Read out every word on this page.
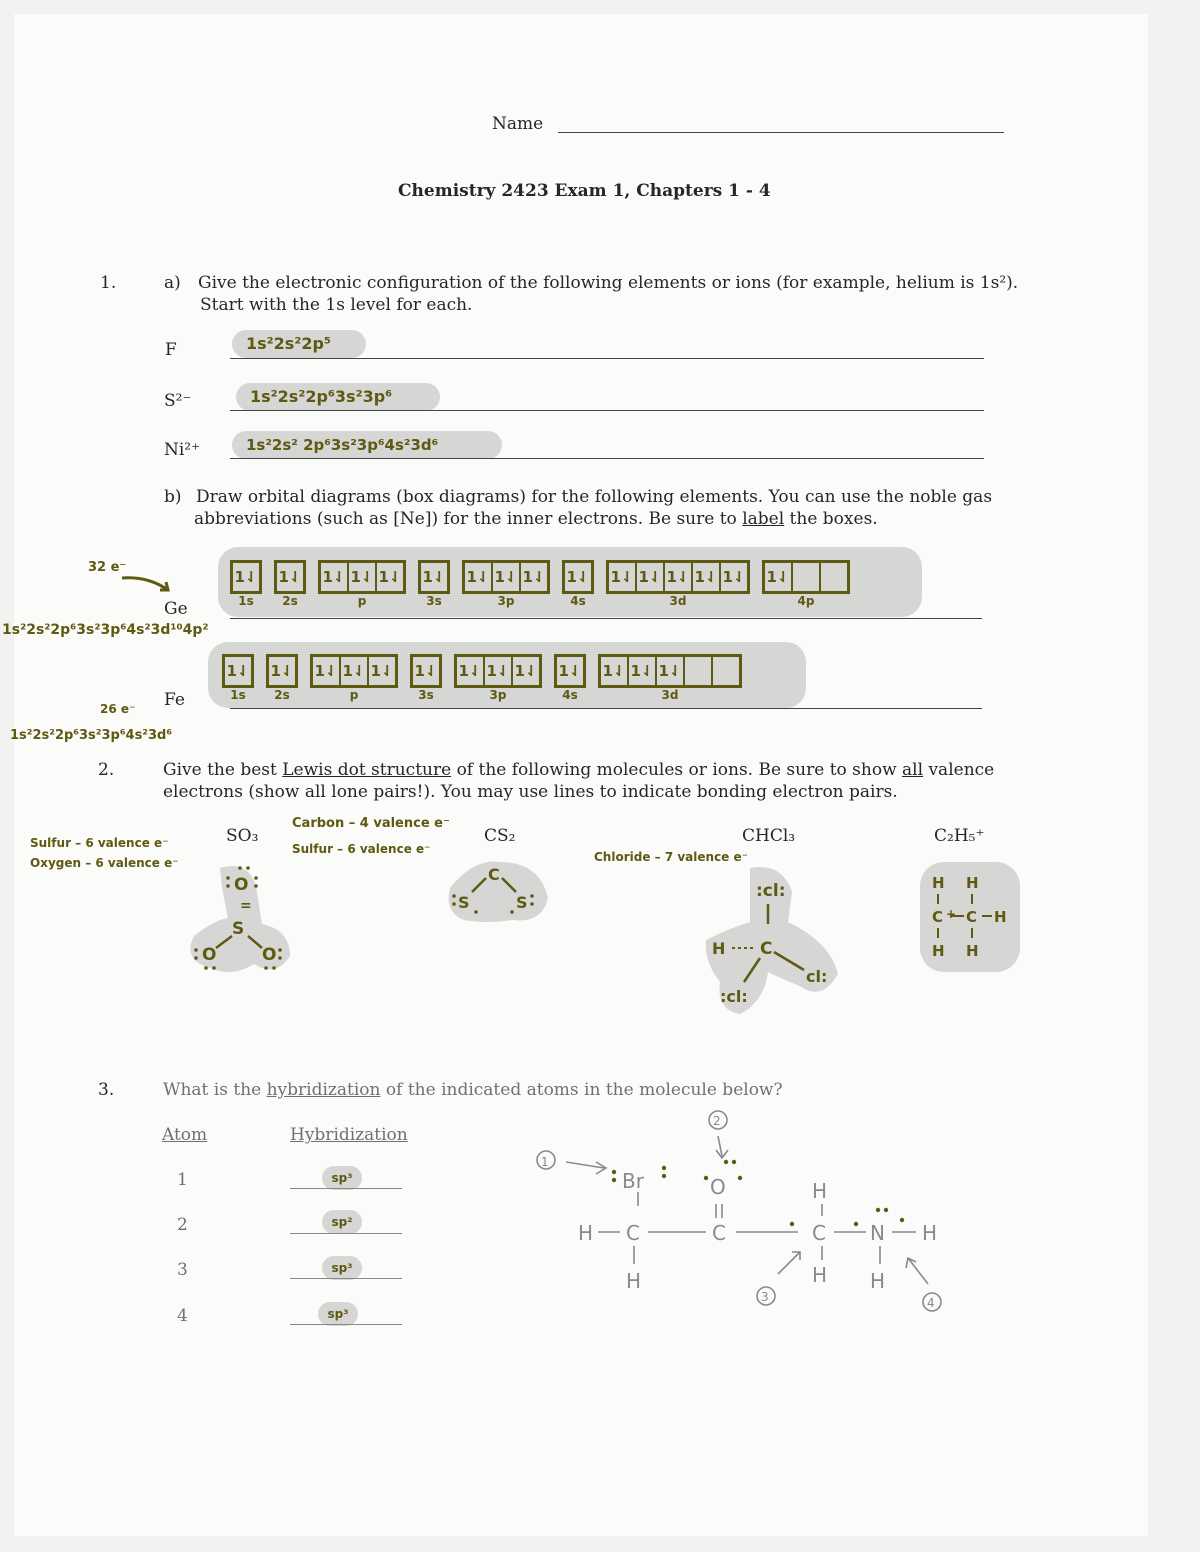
Name
Chemistry 2423 Exam 1, Chapters 1 - 4
1.	a) Give the electronic configuration of the following elements or ions (for example, helium is 1s²).
Start with the 1s level for each.
F	1s²2s²2p⁵
S²⁻	1s²2s²2p⁶3s²3p⁶
Ni²⁺	1s²2s² 2p⁶3s²3p⁶4s²3d⁶
b) Draw orbital diagrams (box diagrams) for the following elements. You can use the noble gas
abbreviations (such as [Ne]) for the inner electrons. Be sure to label the boxes.
1⇃
1s
1⇃
2s
1⇃ 1⇃ 1⇃
p
1⇃
3s
1⇃ 1⇃ 1⇃
3p
1⇃
4s
1⇃ 1⇃ 1⇃ 1⇃ 1⇃
3d
1⇃
4p
Ge
32 e⁻
1s²2s²2p⁶3s²3p⁶4s²3d¹⁰4p²
1⇃
1s
1⇃
2s
1⇃ 1⇃ 1⇃
p
1⇃
3s
1⇃ 1⇃ 1⇃
3p
1⇃
4s
1⇃ 1⇃ 1⇃
3d
Fe
26 e⁻
1s²2s²2p⁶3s²3p⁶4s²3d⁶
2.	Give the best Lewis dot structure of the following molecules or ions. Be sure to show all valence
electrons (show all lone pairs!). You may use lines to indicate bonding electron pairs.
SO₃	CS₂	CHCl₃	C₂H₅⁺
Sulfur – 6 valence e⁻
Oxygen – 6 valence e⁻
Carbon – 4 valence e⁻
Sulfur – 6 valence e⁻
Chloride – 7 valence e⁻
O
=
S
O	O
C
S	S
:cl:
H C
cl:
:cl:
H H
C + C H
H H
3.	What is the hybridization of the indicated atoms in the molecule below?
Atom	Hybridization
1	sp³
2	sp²
3	sp³
4	sp³
1
2
3	4
Br	O
H C	C
H
C
H
N H
H	H
